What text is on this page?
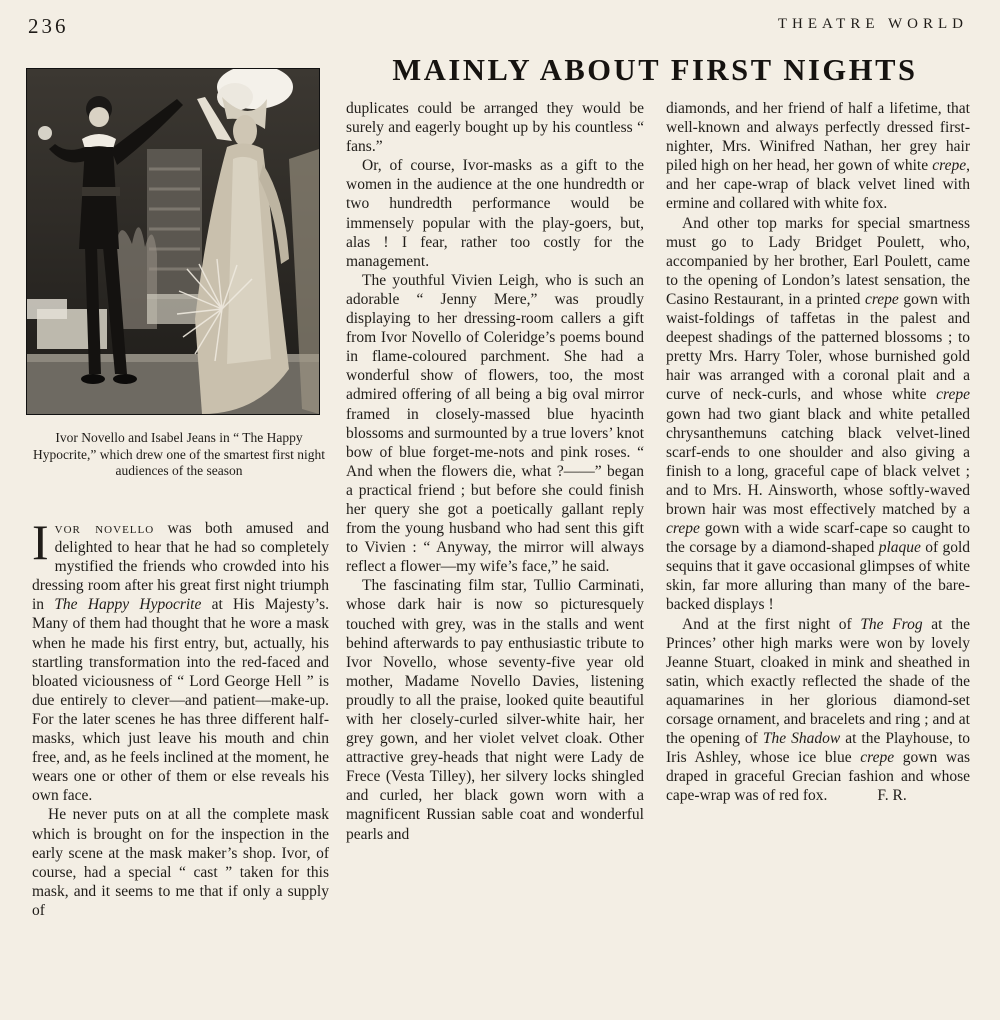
236	THEATRE WORLD
MAINLY ABOUT FIRST NIGHTS

Ivor Novello and Isabel Jeans in “ The Happy Hypocrite,” which drew one of the smartest first night audiences of the season

Ivor novello was both amused and delighted to hear that he had so completely mystified the friends who crowded into his dressing room after his great first night triumph in The Happy Hypocrite at His Majesty’s. Many of them had thought that he wore a mask when he made his first entry, but, actually, his startling transformation into the red-faced and bloated viciousness of “ Lord George Hell ” is due entirely to clever—and patient—make-up. For the later scenes he has three different half-masks, which just leave his mouth and chin free, and, as he feels inclined at the moment, he wears one or other of them or else reveals his own face.

He never puts on at all the complete mask which is brought on for the inspection in the early scene at the mask maker’s shop. Ivor, of course, had a special “ cast ” taken for this mask, and it seems to me that if only a supply of

duplicates could be arranged they would be surely and eagerly bought up by his countless “ fans.”

Or, of course, Ivor-masks as a gift to the women in the audience at the one hundredth or two hundredth performance would be immensely popular with the play-goers, but, alas ! I fear, rather too costly for the management.

The youthful Vivien Leigh, who is such an adorable “ Jenny Mere,” was proudly displaying to her dressing-room callers a gift from Ivor Novello of Coleridge’s poems bound in flame-coloured parchment. She had a wonderful show of flowers, too, the most admired offering of all being a big oval mirror framed in closely-massed blue hyacinth blossoms and surmounted by a true lovers’ knot bow of blue forget-me-nots and pink roses. “ And when the flowers die, what ?——” began a practical friend ; but before she could finish her query she got a poetically gallant reply from the young husband who had sent this gift to Vivien : “ Anyway, the mirror will always reflect a flower—my wife’s face,” he said.

The fascinating film star, Tullio Carminati, whose dark hair is now so picturesquely touched with grey, was in the stalls and went behind afterwards to pay enthusiastic tribute to Ivor Novello, whose seventy-five year old mother, Madame Novello Davies, listening proudly to all the praise, looked quite beautiful with her closely-curled silver-white hair, her grey gown, and her violet velvet cloak. Other attractive grey-heads that night were Lady de Frece (Vesta Tilley), her silvery locks shingled and curled, her black gown worn with a magnificent Russian sable coat and wonderful pearls and

diamonds, and her friend of half a lifetime, that well-known and always perfectly dressed first-nighter, Mrs. Winifred Nathan, her grey hair piled high on her head, her gown of white crepe, and her cape-wrap of black velvet lined with ermine and collared with white fox.

And other top marks for special smartness must go to Lady Bridget Poulett, who, accompanied by her brother, Earl Poulett, came to the opening of London’s latest sensation, the Casino Restaurant, in a printed crepe gown with waist-foldings of taffetas in the palest and deepest shadings of the patterned blossoms ; to pretty Mrs. Harry Toler, whose burnished gold hair was arranged with a coronal plait and a curve of neck-curls, and whose white crepe gown had two giant black and white petalled chrysanthemuns catching black velvet-lined scarf-ends to one shoulder and also giving a finish to a long, graceful cape of black velvet ; and to Mrs. H. Ainsworth, whose softly-waved brown hair was most effectively matched by a crepe gown with a wide scarf-cape so caught to the corsage by a diamond-shaped plaque of gold sequins that it gave occasional glimpses of white skin, far more alluring than many of the bare-backed displays !

And at the first night of The Frog at the Princes’ other high marks were won by lovely Jeanne Stuart, cloaked in mink and sheathed in satin, which exactly reflected the shade of the aquamarines in her glorious diamond-set corsage ornament, and bracelets and ring ; and at the opening of The Shadow at the Playhouse, to Iris Ashley, whose ice blue crepe gown was draped in graceful Grecian fashion and whose cape-wrap was of red fox.	F. R.
